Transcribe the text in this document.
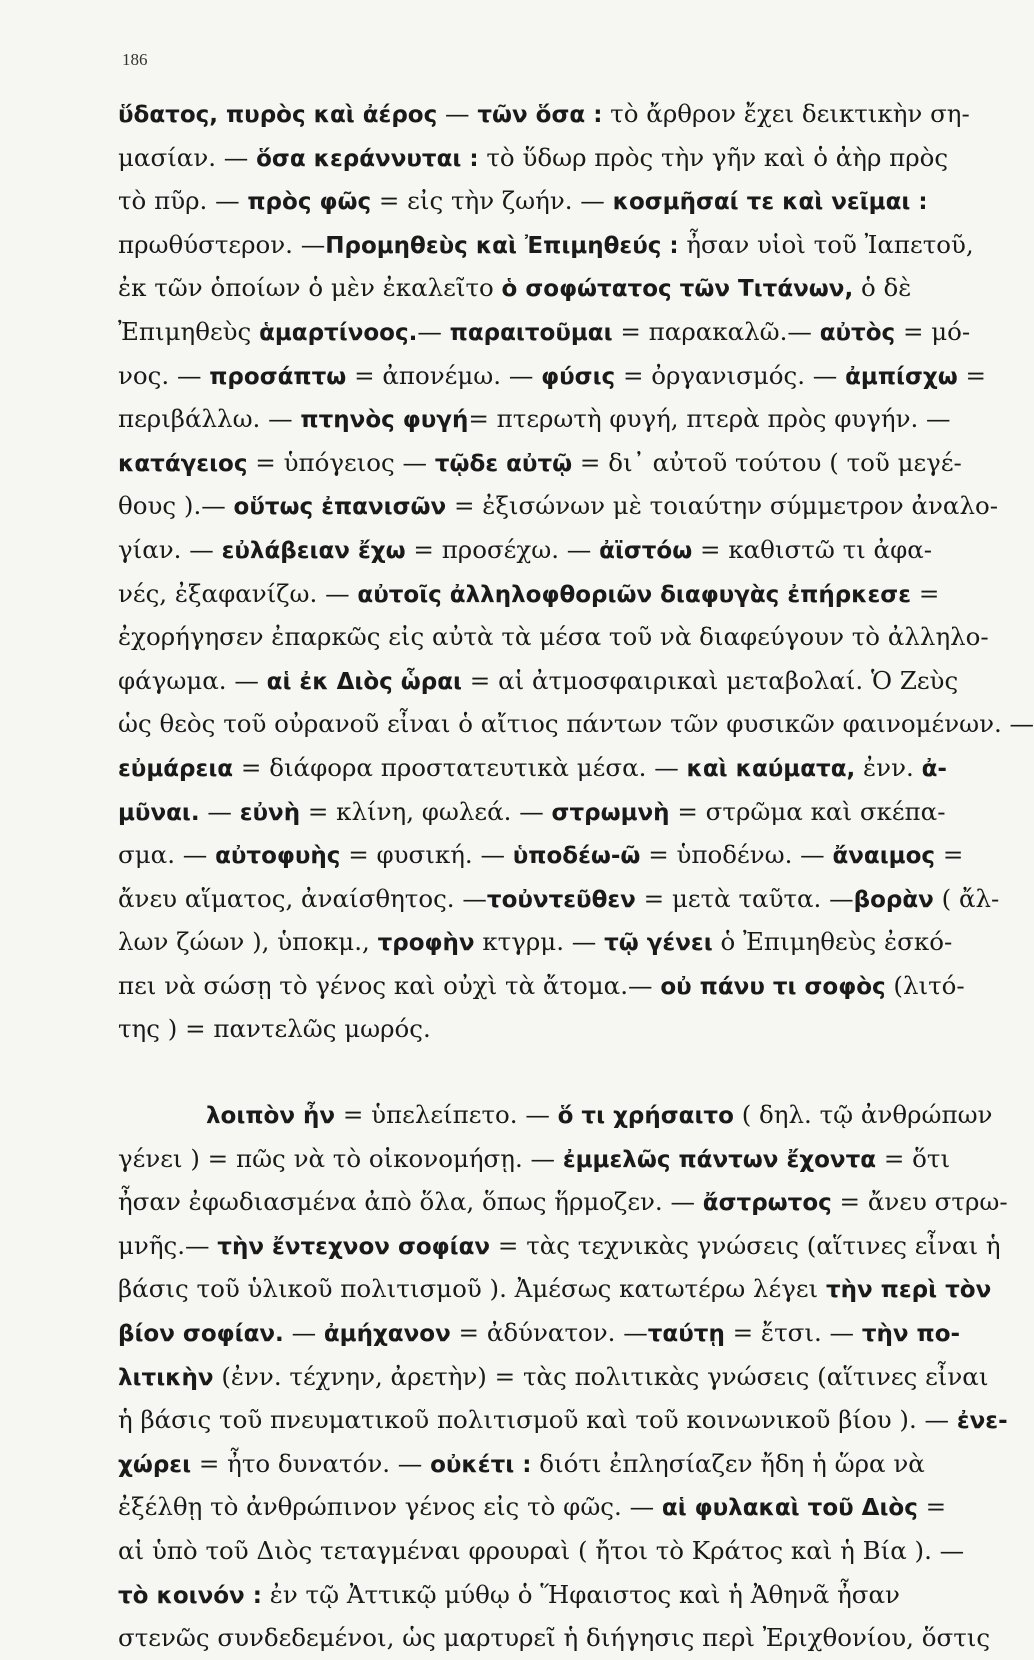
186
ὕδατος, πυρὸς καὶ ἀέρος — τῶν ὅσα : τὸ ἄρθρον ἔχει δεικτικὴν ση-
μασίαν. — ὅσα κεράννυται : τὸ ὕδωρ πρὸς τὴν γῆν καὶ ὁ ἀὴρ πρὸς
τὸ πῦρ. — πρὸς φῶς = εἰς τὴν ζωήν. — κοσμῆσαί τε καὶ νεῖμαι :
πρωθύστερον. —Προμηθεὺς καὶ Ἐπιμηθεύς : ἦσαν υἱοὶ τοῦ Ἰαπετοῦ,
ἐκ τῶν ὁποίων ὁ μὲν ἐκαλεῖτο ὁ σοφώτατος τῶν Τιτάνων, ὁ δὲ
Ἐπιμηθεὺς ἁμαρτίνοος.— παραιτοῦμαι = παρακαλῶ.— αὐτὸς = μό-
νος. — προσάπτω = ἀπονέμω. — φύσις = ὀργανισμός. — ἀμπίσχω =
περιβάλλω. — πτηνὸς φυγή= πτερωτὴ φυγή, πτερὰ πρὸς φυγήν. —
κατάγειος = ὑπόγειος — τῷδε αὐτῷ = δι᾽ αὐτοῦ τούτου ( τοῦ μεγέ-
θους ).— οὕτως ἐπανισῶν = ἐξισώνων μὲ τοιαύτην σύμμετρον ἀναλο-
γίαν. — εὐλάβειαν ἔχω = προσέχω. — ἀϊστόω = καθιστῶ τι ἀφα-
νές, ἐξαφανίζω. — αὐτοῖς ἀλληλοφθοριῶν διαφυγὰς ἐπήρκεσε =
ἐχορήγησεν ἐπαρκῶς εἰς αὐτὰ τὰ μέσα τοῦ νὰ διαφεύγουν τὸ ἀλληλο-
φάγωμα. — αἱ ἐκ Διὸς ὧραι = αἱ ἀτμοσφαιρικαὶ μεταβολαί. Ὁ Ζεὺς
ὡς θεὸς τοῦ οὐρανοῦ εἶναι ὁ αἴτιος πάντων τῶν φυσικῶν φαινομένων. —
εὐμάρεια = διάφορα προστατευτικὰ μέσα. — καὶ καύματα, ἐνν. ἀ-
μῦναι. — εὐνὴ = κλίνη, φωλεά. — στρωμνὴ = στρῶμα καὶ σκέπα-
σμα. — αὐτοφυὴς = φυσική. — ὑποδέω-ῶ = ὑποδένω. — ἄναιμος =
ἄνευ αἵματος, ἀναίσθητος. —τοὐντεῦθεν = μετὰ ταῦτα. —βορὰν ( ἄλ-
λων ζώων ), ὑποκμ., τροφὴν κτγρμ. — τῷ γένει ὁ Ἐπιμηθεὺς ἐσκό-
πει νὰ σώσῃ τὸ γένος καὶ οὐχὶ τὰ ἄτομα.— οὐ πάνυ τι σοφὸς (λιτό-
της ) = παντελῶς μωρός.
λοιπὸν ἦν = ὑπελείπετο. — ὅ τι χρήσαιτο ( δηλ. τῷ ἀνθρώπων
γένει ) = πῶς νὰ τὸ οἰκονομήσῃ. — ἐμμελῶς πάντων ἔχοντα = ὅτι
ἦσαν ἐφωδιασμένα ἀπὸ ὅλα, ὅπως ἥρμοζεν. — ἄστρωτος = ἄνευ στρω-
μνῆς.— τὴν ἔντεχνον σοφίαν = τὰς τεχνικὰς γνώσεις (αἵτινες εἶναι ἡ
βάσις τοῦ ὑλικοῦ πολιτισμοῦ ). Ἀμέσως κατωτέρω λέγει τὴν περὶ τὸν
βίον σοφίαν. — ἀμήχανον = ἀδύνατον. —ταύτῃ = ἔτσι. — τὴν πο-
λιτικὴν (ἐνν. τέχνην, ἀρετὴν) = τὰς πολιτικὰς γνώσεις (αἵτινες εἶναι
ἡ βάσις τοῦ πνευματικοῦ πολιτισμοῦ καὶ τοῦ κοινωνικοῦ βίου ). — ἐνε-
χώρει = ἦτο δυνατόν. — οὐκέτι : διότι ἐπλησίαζεν ἤδη ἡ ὥρα νὰ
ἐξέλθῃ τὸ ἀνθρώπινον γένος εἰς τὸ φῶς. — αἱ φυλακαὶ τοῦ Διὸς =
αἱ ὑπὸ τοῦ Διὸς τεταγμέναι φρουραὶ ( ἤτοι τὸ Κράτος καὶ ἡ Βία ). —
τὸ κοινόν : ἐν τῷ Ἀττικῷ μύθῳ ὁ Ἥφαιστος καὶ ἡ Ἀθηνᾶ ἦσαν
στενῶς συνδεδεμένοι, ὡς μαρτυρεῖ ἡ διήγησις περὶ Ἐριχθονίου, ὅστις
